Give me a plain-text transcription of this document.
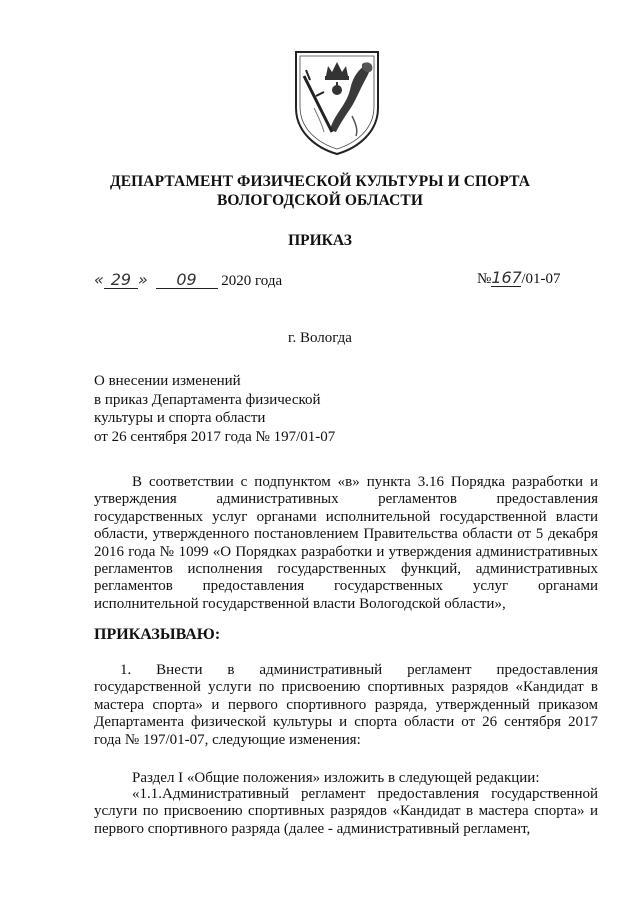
ДЕПАРТАМЕНТ ФИЗИЧЕСКОЙ КУЛЬТУРЫ И СПОРТА
ВОЛОГОДСКОЙ ОБЛАСТИ
ПРИКАЗ
« 29 » 09 2020 года	№167/01-07
г. Вологда
О внесении изменений
в приказ Департамента физической
культуры и спорта области
от 26 сентября 2017 года № 197/01-07

В соответствии с подпунктом «в» пункта 3.16 Порядка разработки и утверждения административных регламентов предоставления государственных услуг органами исполнительной государственной власти области, утвержденного постановлением Правительства области от 5 декабря 2016 года № 1099 «О Порядках разработки и утверждения административных регламентов исполнения государственных функций, административных регламентов предоставления государственных услуг органами исполнительной государственной власти Вологодской области»,

ПРИКАЗЫВАЮ:

1. Внести в административный регламент предоставления государственной услуги по присвоению спортивных разрядов «Кандидат в мастера спорта» и первого спортивного разряда, утвержденный приказом Департамента физической культуры и спорта области от 26 сентября 2017 года № 197/01-07, следующие изменения:

Раздел I «Общие положения» изложить в следующей редакции:

«1.1.Административный регламент предоставления государственной услуги по присвоению спортивных разрядов «Кандидат в мастера спорта» и первого спортивного разряда (далее - административный регламент,
